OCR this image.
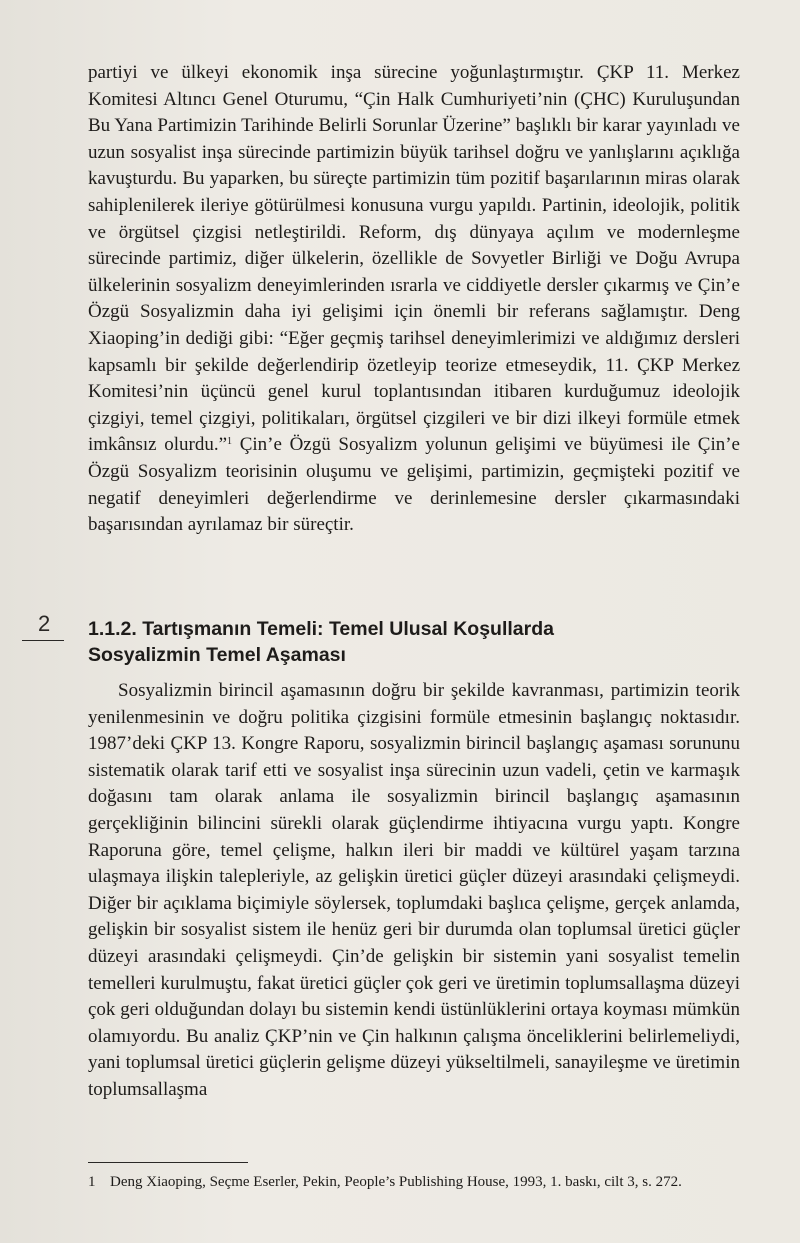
partiyi ve ülkeyi ekonomik inşa sürecine yoğunlaştırmıştır. ÇKP 11. Merkez Komitesi Altıncı Genel Oturumu, “Çin Halk Cumhuriyeti’nin (ÇHC) Kuruluşundan Bu Yana Partimizin Tarihinde Belirli Sorunlar Üzerine” başlıklı bir karar yayınladı ve uzun sosyalist inşa sürecinde partimizin büyük tarihsel doğru ve yanlışlarını açıklığa kavuşturdu. Bu yaparken, bu süreçte partimizin tüm pozitif başarılarının miras olarak sahiplenilerek ileriye götürülmesi konusuna vurgu yapıldı. Partinin, ideolojik, politik ve örgütsel çizgisi netleştirildi. Reform, dış dünyaya açılım ve modernleşme sürecinde partimiz, diğer ülkelerin, özellikle de Sovyetler Birliği ve Doğu Avrupa ülkelerinin sosyalizm deneyimlerinden ısrarla ve ciddiyetle dersler çıkarmış ve Çin’e Özgü Sosyalizmin daha iyi gelişimi için önemli bir referans sağlamıştır. Deng Xiaoping’in dediği gibi: “Eğer geçmiş tarihsel deneyimlerimizi ve aldığımız dersleri kapsamlı bir şekilde değerlendirip özetleyip teorize etmeseydik, 11. ÇKP Merkez Komitesi’nin üçüncü genel kurul toplantısından itibaren kurduğumuz ideolojik çizgiyi, temel çizgiyi, politikaları, örgütsel çizgileri ve bir dizi ilkeyi formüle etmek imkânsız olurdu.”$^1$ Çin’e Özgü Sosyalizm yolunun gelişimi ve büyümesi ile Çin’e Özgü Sosyalizm teorisinin oluşumu ve gelişimi, partimizin, geçmişteki pozitif ve negatif deneyimleri değerlendirme ve derinlemesine dersler çıkarmasındaki başarısından ayrılamaz bir süreçtir.

2 1.1.2. Tartışmanın Temeli: Temel Ulusal Koşullarda
Sosyalizmin Temel Aşaması

Sosyalizmin birincil aşamasının doğru bir şekilde kavranması, partimizin teorik yenilenmesinin ve doğru politika çizgisini formüle etmesinin başlangıç noktasıdır. 1987’deki ÇKP 13. Kongre Raporu, sosyalizmin birincil başlangıç aşaması sorununu sistematik olarak tarif etti ve sosyalist inşa sürecinin uzun vadeli, çetin ve karmaşık doğasını tam olarak anlama ile sosyalizmin birincil başlangıç aşamasının gerçekliğinin bilincini sürekli olarak güçlendirme ihtiyacına vurgu yaptı. Kongre Raporuna göre, temel çelişme, halkın ileri bir maddi ve kültürel yaşam tarzına ulaşmaya ilişkin talepleriyle, az gelişkin üretici güçler düzeyi arasındaki çelişmeydi. Diğer bir açıklama biçimiyle söylersek, toplumdaki başlıca çelişme, gerçek anlamda, gelişkin bir sosyalist sistem ile henüz geri bir durumda olan toplumsal üretici güçler düzeyi arasındaki çelişmeydi. Çin’de gelişkin bir sistemin yani sosyalist temelin temelleri kurulmuştu, fakat üretici güçler çok geri ve üretimin toplumsallaşma düzeyi çok geri olduğundan dolayı bu sistemin kendi üstünlüklerini ortaya koyması mümkün olamıyordu. Bu analiz ÇKP’nin ve Çin halkının çalışma önceliklerini belirlemeliydi, yani toplumsal üretici güçlerin gelişme düzeyi yükseltilmeli, sanayileşme ve üretimin toplumsallaşma

1 Deng Xiaoping, Seçme Eserler, Pekin, People’s Publishing House, 1993, 1. baskı, cilt 3, s. 272.
